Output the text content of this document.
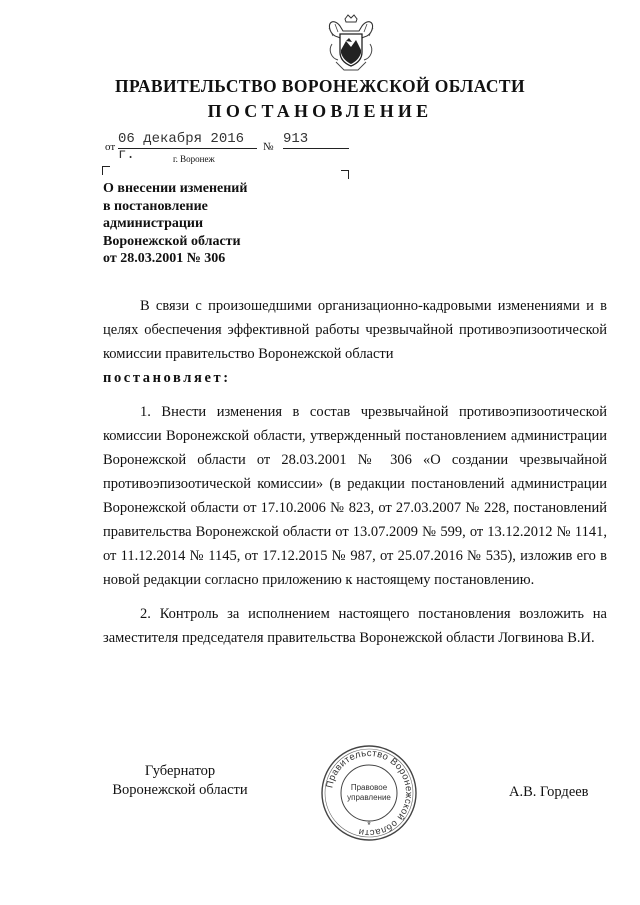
ПРАВИТЕЛЬСТВО ВОРОНЕЖСКОЙ ОБЛАСТИ
ПОСТАНОВЛЕНИЕ
от 06 декабря 2016 г.	№ 913
г. Воронеж
О внесении изменений
в постановление
администрации
Воронежской области
от 28.03.2001 № 306

В связи с произошедшими организационно-кадровыми изменениями и в целях обеспечения эффективной работы чрезвычайной противоэпизоотической комиссии правительство Воронежской области

постановляет:

1. Внести изменения в состав чрезвычайной противоэпизоотической комиссии Воронежской области, утвержденный постановлением администрации Воронежской области от 28.03.2001 № 306 «О создании чрезвычайной противоэпизоотической комиссии» (в редакции постановлений администрации Воронежской области от 17.10.2006 № 823, от 27.03.2007 № 228, постановлений правительства Воронежской области от 13.07.2009 № 599, от 13.12.2012 № 1141, от 11.12.2014 № 1145, от 17.12.2015 № 987, от 25.07.2016 № 535), изложив его в новой редакции согласно приложению к настоящему постановлению.

2. Контроль за исполнением настоящего постановления возложить на заместителя председателя правительства Воронежской области Логвинова В.И.

Губернатор
Воронежской области	Правительство Воронежской области
Правовое
управление
*
А.В. Гордеев
